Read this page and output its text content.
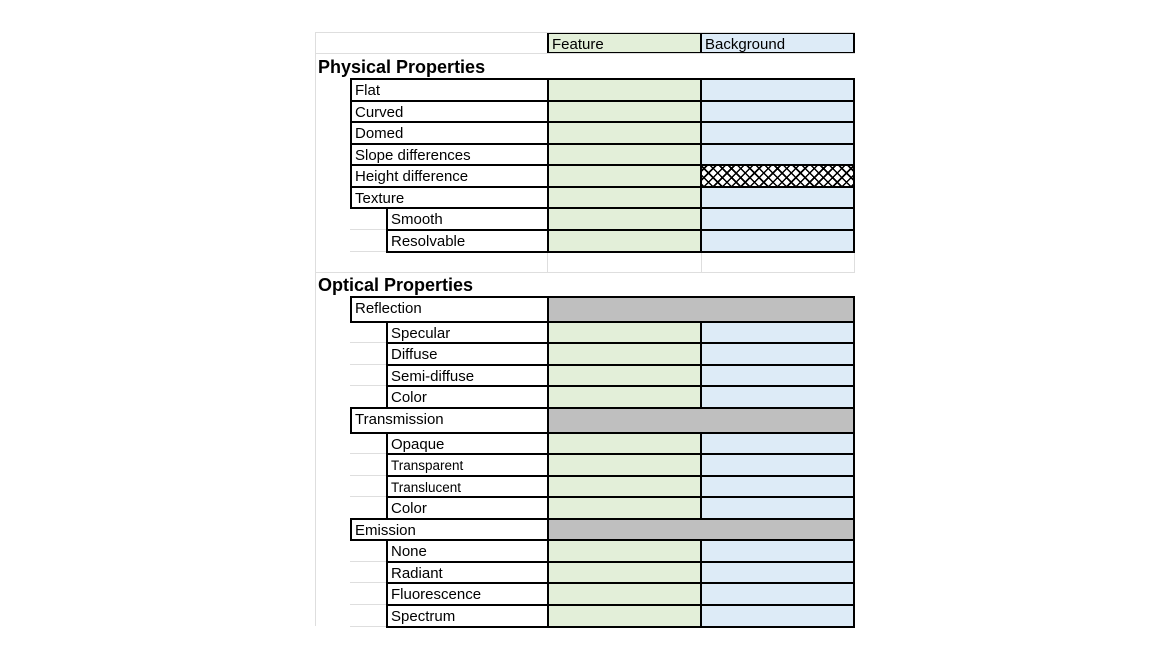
Feature	Background
Physical Properties
Optical Properties
Flat
Curved
Domed
Slope differences
Height difference
Texture
Smooth
Resolvable
Reflection
Specular
Diffuse
Semi-diffuse
Color
Transmission
Opaque
Transparent
Translucent
Color
Emission
None
Radiant
Fluorescence
Spectrum
